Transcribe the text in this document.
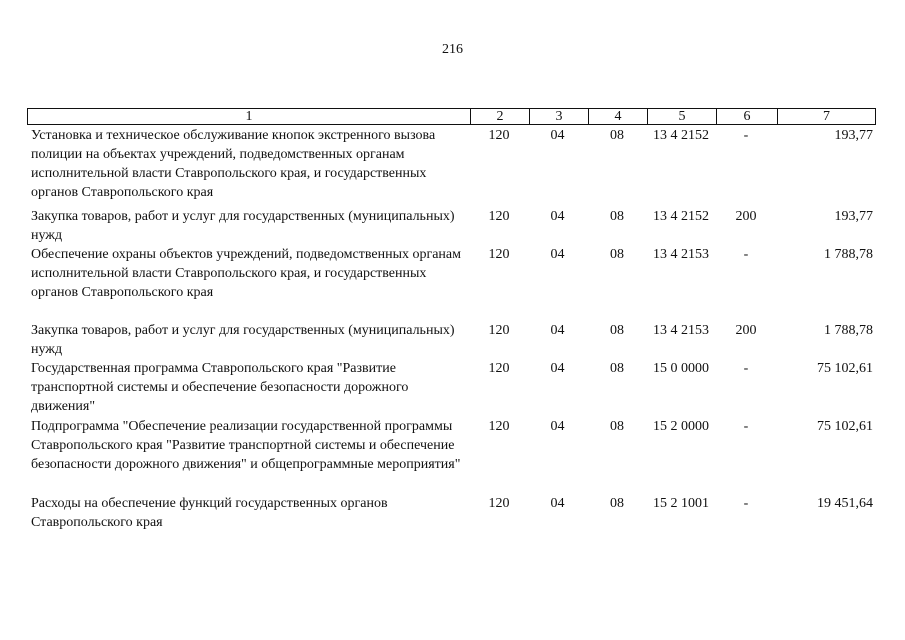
216
1	2	3	4	5	6	7
Установка и техническое обслуживание кнопок экстренного вызова полиции на объектах учреждений, подведомственных органам исполнительной власти Ставропольского края, и государственных органов Ставропольского края
120	04	08	13 4 2152	-	193,77
Закупка товаров, работ и услуг для государственных (муниципальных) нужд
120	04	08	13 4 2152	200	193,77
Обеспечение охраны объектов учреждений, подведомственных органам исполнительной власти Ставропольского края, и государственных органов Ставропольского края
120	04	08	13 4 2153	-	1 788,78
Закупка товаров, работ и услуг для государственных (муниципальных) нужд
120	04	08	13 4 2153	200	1 788,78
Государственная программа Ставропольского края "Развитие транспортной системы и обеспечение безопасности дорожного движения"
120	04	08	15 0 0000	-	75 102,61
Подпрограмма "Обеспечение реализации государственной программы Ставропольского края "Развитие транспортной системы и обеспечение безопасности дорожного движения" и общепрограммные мероприятия"
120	04	08	15 2 0000	-	75 102,61
Расходы на обеспечение функций государственных органов Ставропольского края
120	04	08	15 2 1001	-	19 451,64
